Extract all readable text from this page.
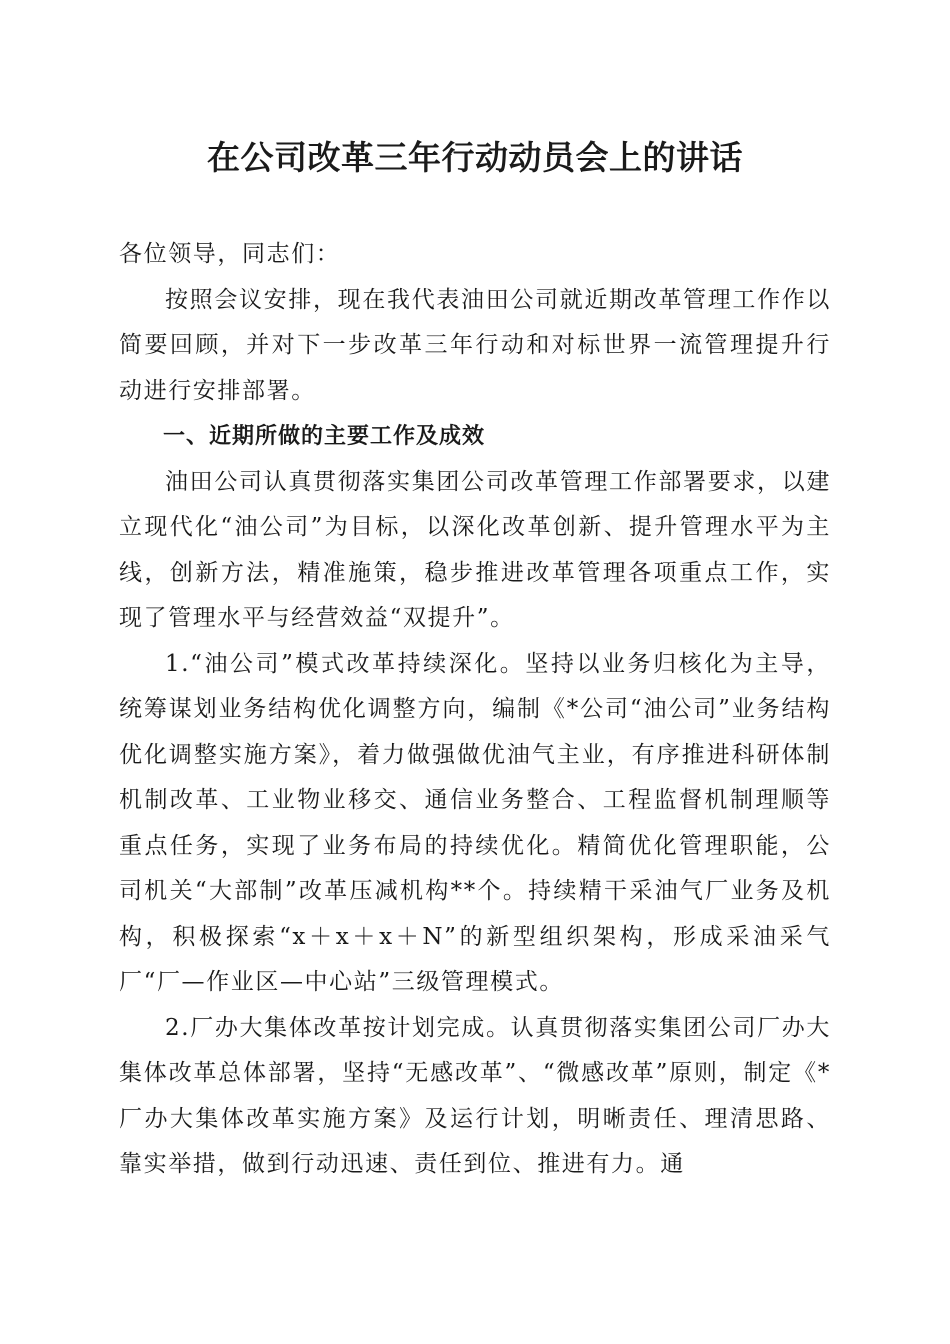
在公司改革三年行动动员会上的讲话

各位领导，同志们：

按照会议安排，现在我代表油田公司就近期改革管理工作作以简要回顾，并对下一步改革三年行动和对标世界一流管理提升行动进行安排部署。

一、近期所做的主要工作及成效

油田公司认真贯彻落实集团公司改革管理工作部署要求，以建立现代化“油公司”为目标，以深化改革创新、提升管理水平为主线，创新方法，精准施策，稳步推进改革管理各项重点工作，实现了管理水平与经营效益“双提升”。

1.“油公司”模式改革持续深化。坚持以业务归核化为主导，统筹谋划业务结构优化调整方向，编制《*公司“油公司”业务结构优化调整实施方案》，着力做强做优油气主业，有序推进科研体制机制改革、工业物业移交、通信业务整合、工程监督机制理顺等重点任务，实现了业务布局的持续优化。精简优化管理职能，公司机关“大部制”改革压减机构**个。持续精干采油气厂业务及机构，积极探索“x＋x＋x＋N”的新型组织架构，形成采油采气厂“厂—作业区—中心站”三级管理模式。

2.厂办大集体改革按计划完成。认真贯彻落实集团公司厂办大集体改革总体部署，坚持“无感改革”、“微感改革”原则，制定《*厂办大集体改革实施方案》及运行计划，明晰责任、理清思路、靠实举措，做到行动迅速、责任到位、推进有力。通
